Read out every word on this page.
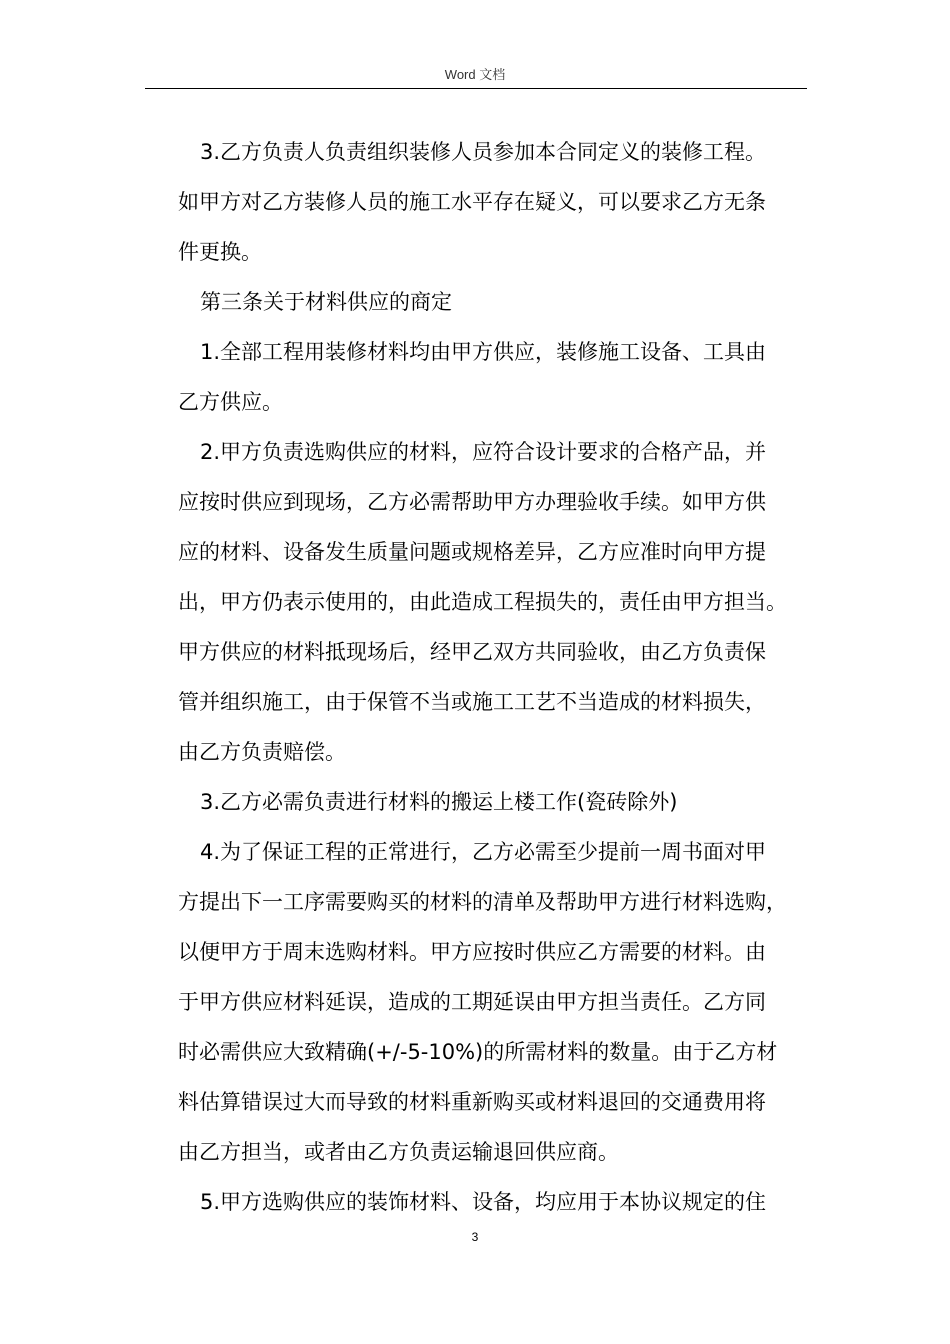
Word 文档
3.乙方负责人负责组织装修人员参加本合同定义的装修工程。
如甲方对乙方装修人员的施工水平存在疑义，可以要求乙方无条
件更换。
第三条关于材料供应的商定
1.全部工程用装修材料均由甲方供应，装修施工设备、工具由
乙方供应。
2.甲方负责选购供应的材料，应符合设计要求的合格产品，并
应按时供应到现场，乙方必需帮助甲方办理验收手续。如甲方供
应的材料、设备发生质量问题或规格差异，乙方应准时向甲方提
出，甲方仍表示使用的，由此造成工程损失的，责任由甲方担当。
甲方供应的材料抵现场后，经甲乙双方共同验收，由乙方负责保
管并组织施工，由于保管不当或施工工艺不当造成的材料损失，
由乙方负责赔偿。
3.乙方必需负责进行材料的搬运上楼工作(瓷砖除外)
4.为了保证工程的正常进行，乙方必需至少提前一周书面对甲
方提出下一工序需要购买的材料的清单及帮助甲方进行材料选购，
以便甲方于周末选购材料。甲方应按时供应乙方需要的材料。由
于甲方供应材料延误，造成的工期延误由甲方担当责任。乙方同
时必需供应大致精确(+/-5-10%)的所需材料的数量。由于乙方材
料估算错误过大而导致的材料重新购买或材料退回的交通费用将
由乙方担当，或者由乙方负责运输退回供应商。
5.甲方选购供应的装饰材料、设备，均应用于本协议规定的住
3
